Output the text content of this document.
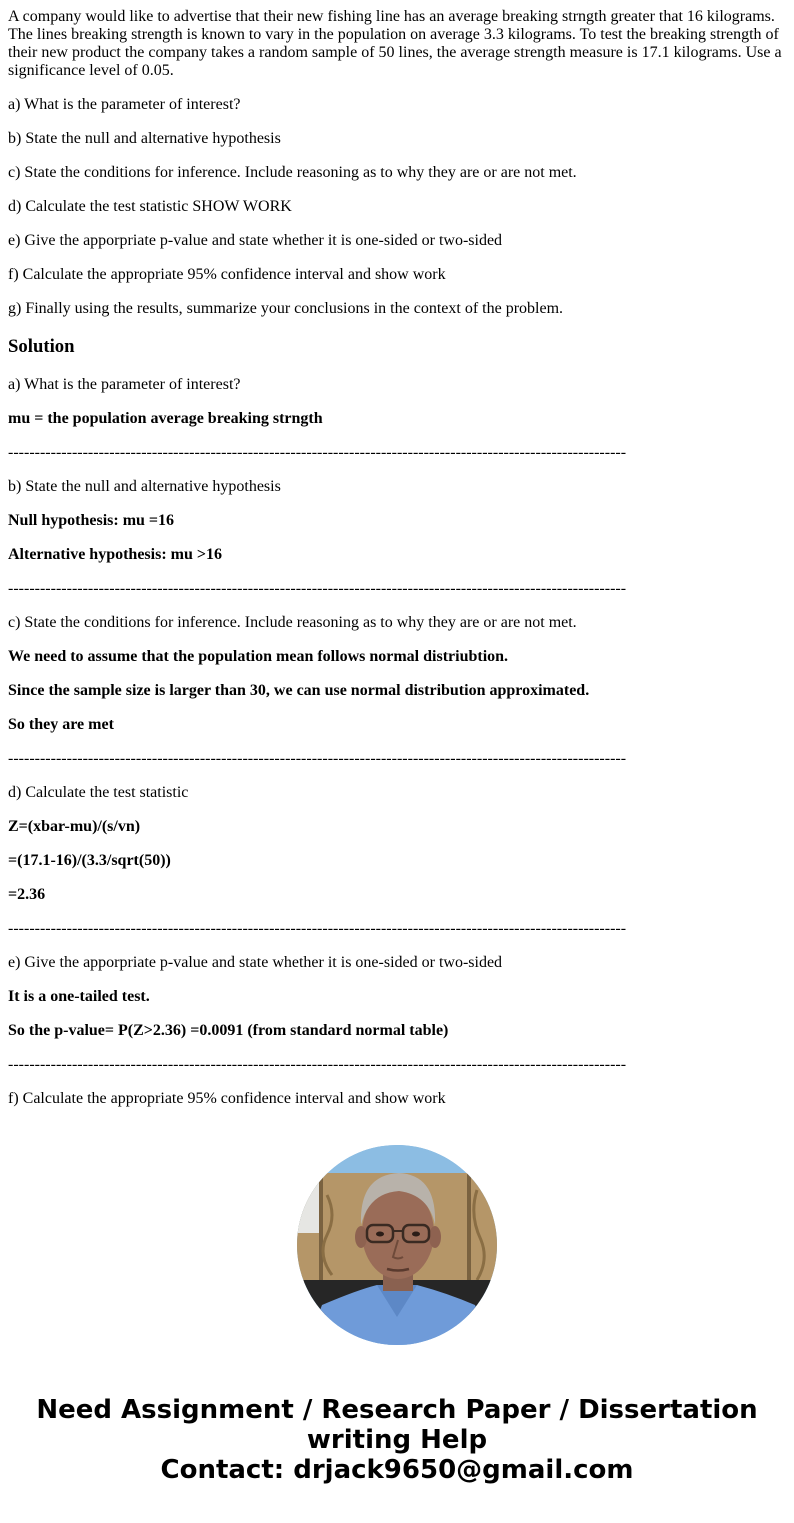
A company would like to advertise that their new fishing line has an average breaking strngth greater that 16 kilograms. The lines breaking strength is known to vary in the population on average 3.3 kilograms. To test the breaking strength of their new product the company takes a random sample of 50 lines, the average strength measure is 17.1 kilograms. Use a significance level of 0.05.

a) What is the parameter of interest?

b) State the null and alternative hypothesis

c) State the conditions for inference. Include reasoning as to why they are or are not met.

d) Calculate the test statistic SHOW WORK

e) Give the apporpriate p-value and state whether it is one-sided or two-sided

f) Calculate the appropriate 95% confidence interval and show work

g) Finally using the results, summarize your conclusions in the context of the problem.

Solution

a) What is the parameter of interest?

mu = the population average breaking strngth

--------------------------------------------------------------------------------------------------------------------

b) State the null and alternative hypothesis

Null hypothesis: mu =16

Alternative hypothesis: mu >16

--------------------------------------------------------------------------------------------------------------------

c) State the conditions for inference. Include reasoning as to why they are or are not met.

We need to assume that the population mean follows normal distriubtion.

Since the sample size is larger than 30, we can use normal distribution approximated.

So they are met

--------------------------------------------------------------------------------------------------------------------

d) Calculate the test statistic

Z=(xbar-mu)/(s/vn)

=(17.1-16)/(3.3/sqrt(50))

=2.36

--------------------------------------------------------------------------------------------------------------------

e) Give the apporpriate p-value and state whether it is one-sided or two-sided

It is a one-tailed test.

So the p-value= P(Z>2.36) =0.0091 (from standard normal table)

--------------------------------------------------------------------------------------------------------------------

f) Calculate the appropriate 95% confidence interval and show work

Need Assignment / Research Paper / Dissertation
writing Help
Contact: drjack9650@gmail.com
